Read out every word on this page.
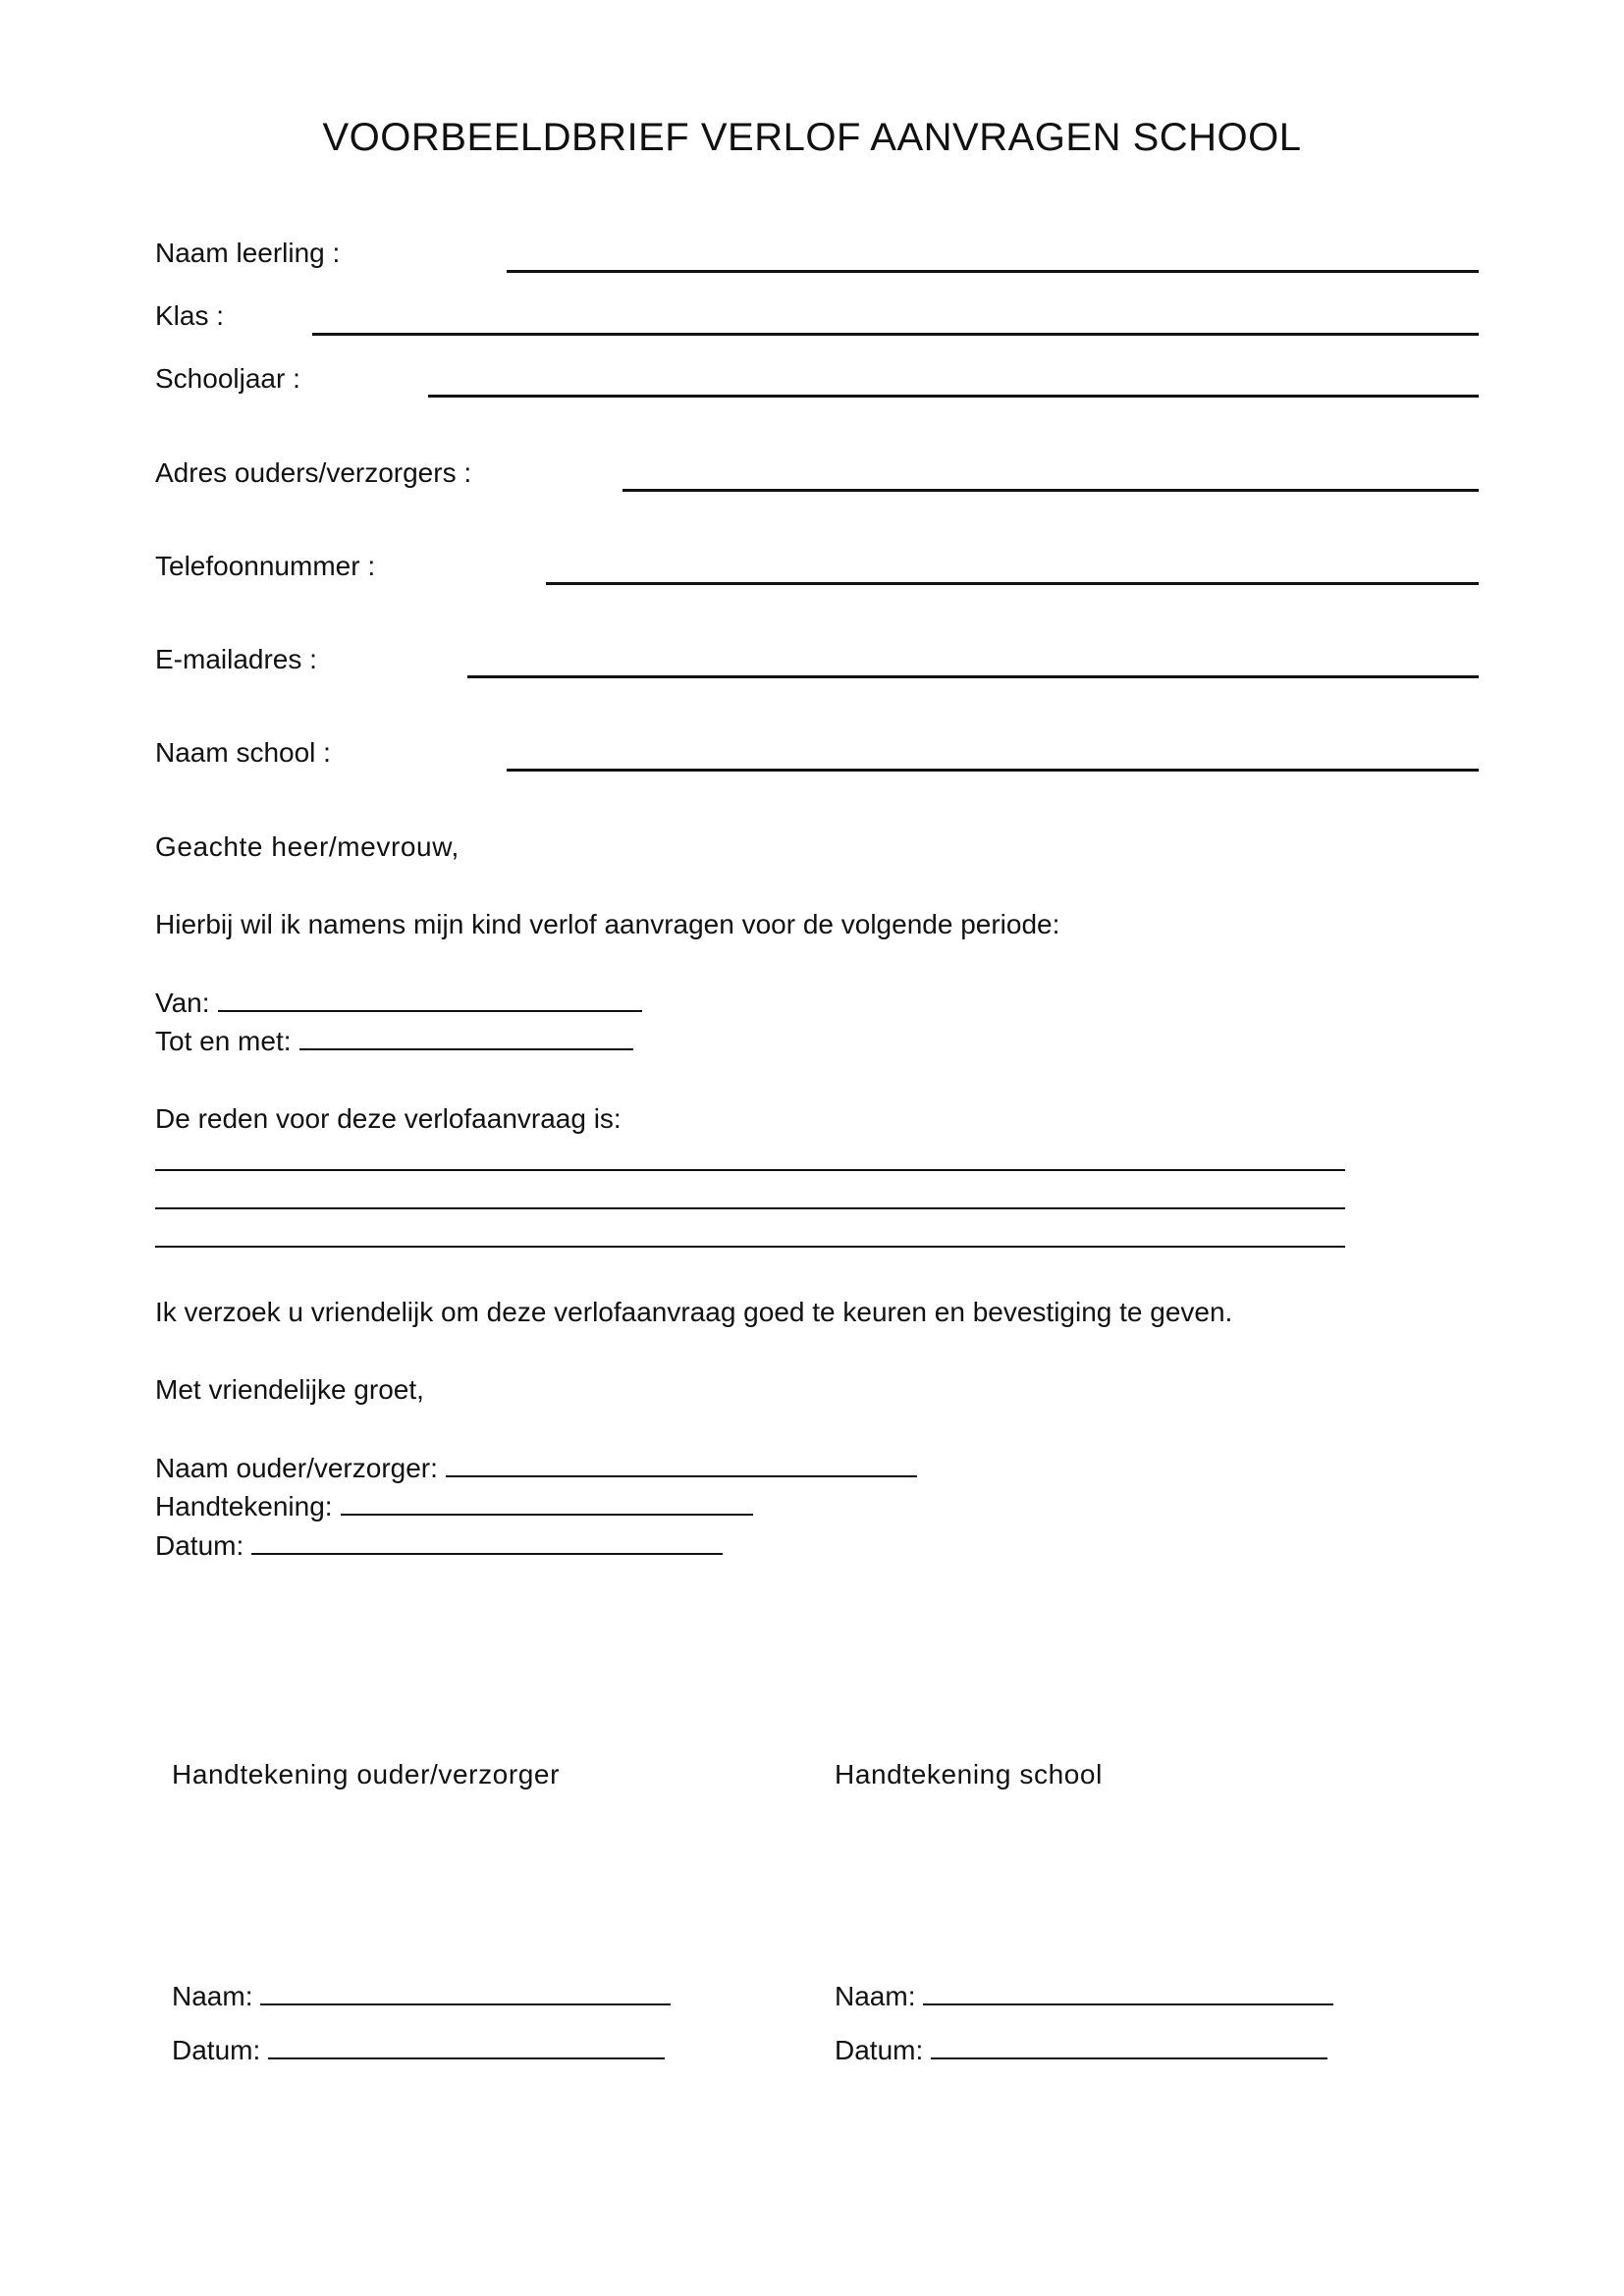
VOORBEELDBRIEF VERLOF AANVRAGEN SCHOOL
Naam leerling :
Klas :
Schooljaar :
Adres ouders/verzorgers :
Telefoonnummer :
E-mailadres :
Naam school :
Geachte heer/mevrouw,
Hierbij wil ik namens mijn kind verlof aanvragen voor de volgende periode:
Van:
Tot en met:
De reden voor deze verlofaanvraag is:
Ik verzoek u vriendelijk om deze verlofaanvraag goed te keuren en bevestiging te geven.
Met vriendelijke groet,
Naam ouder/verzorger:
Handtekening:
Datum:
Handtekening ouder/verzorger	Handtekening school
Naam:
Datum:
Naam:
Datum:
